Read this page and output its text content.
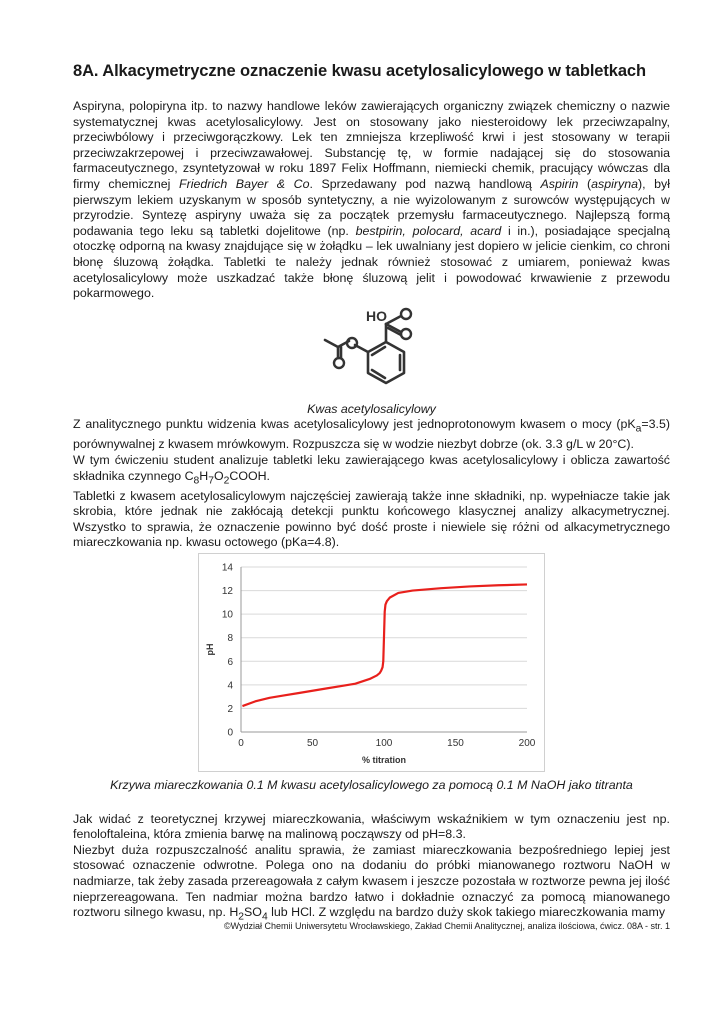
8A. Alkacymetryczne oznaczenie kwasu acetylosalicylowego w tabletkach

Aspiryna, polopiryna itp. to nazwy handlowe leków zawierających organiczny związek chemiczny o nazwie systematycznej kwas acetylosalicylowy. Jest on stosowany jako niesteroidowy lek przeciwzapalny, przeciwbólowy i przeciwgorączkowy. Lek ten zmniejsza krzepliwość krwi i jest stosowany w terapii przeciwzakrzepowej i przeciwzawałowej. Substancję tę, w formie nadającej się do stosowania farmaceutycznego, zsyntetyzował w roku 1897 Felix Hoffmann, niemiecki chemik, pracujący wówczas dla firmy chemicznej Friedrich Bayer & Co. Sprzedawany pod nazwą handlową Aspirin (aspiryna), był pierwszym lekiem uzyskanym w sposób syntetyczny, a nie wyizolowanym z surowców występujących w przyrodzie. Syntezę aspiryny uważa się za początek przemysłu farmaceutycznego. Najlepszą formą podawania tego leku są tabletki dojelitowe (np. bestpirin, polocard, acard i in.), posiadające specjalną otoczkę odporną na kwasy znajdujące się w żołądku – lek uwalniany jest dopiero w jelicie cienkim, co chroni błonę śluzową żołądka. Tabletki te należy jednak również stosować z umiarem, ponieważ kwas acetylosalicylowy może uszkadzać także błonę śluzową jelit i powodować krwawienie z przewodu pokarmowego.

HO

Kwas acetylosalicylowy

Z analitycznego punktu widzenia kwas acetylosalicylowy jest jednoprotonowym kwasem o mocy $(pK_a=3.5)$ porównywalnej z kwasem mrówkowym. Rozpuszcza się w wodzie niezbyt dobrze (ok. 3.3 g/L w 20°C).

W tym ćwiczeniu student analizuje tabletki leku zawierającego kwas acetylosalicylowy i oblicza zawartość składnika czynnego $C_8H_7O_2COOH$.

Tabletki z kwasem acetylosalicylowym najczęściej zawierają także inne składniki, np. wypełniacze takie jak skrobia, które jednak nie zakłócają detekcji punktu końcowego klasycznej analizy alkacymetrycznej. Wszystko to sprawia, że oznaczenie powinno być dość proste i niewiele się różni od alkacymetrycznego miareczkowania np. kwasu octowego (pKa=4.8).

0
2
4
6
8
10
12
14
0	50	100	150	200
% titration
pH

Krzywa miareczkowania 0.1 M kwasu acetylosalicylowego za pomocą 0.1 M NaOH jako titranta

Jak widać z teoretycznej krzywej miareczkowania, właściwym wskaźnikiem w tym oznaczeniu jest np. fenoloftaleina, która zmienia barwę na malinową począwszy od pH=8.3.

Niezbyt duża rozpuszczalność analitu sprawia, że zamiast miareczkowania bezpośredniego lepiej jest stosować oznaczenie odwrotne. Polega ono na dodaniu do próbki mianowanego roztworu NaOH w nadmiarze, tak żeby zasada przereagowała z całym kwasem i jeszcze pozostała w roztworze pewna jej ilość nieprzereagowana. Ten nadmiar można bardzo łatwo i dokładnie oznaczyć za pomocą mianowanego roztworu silnego kwasu, np. $H_2SO_4$ lub HCl. Z względu na bardzo duży skok takiego miareczkowania mamy

©Wydział Chemii Uniwersytetu Wrocławskiego, Zakład Chemii Analitycznej, analiza ilościowa, ćwicz. 08A - str. 1
